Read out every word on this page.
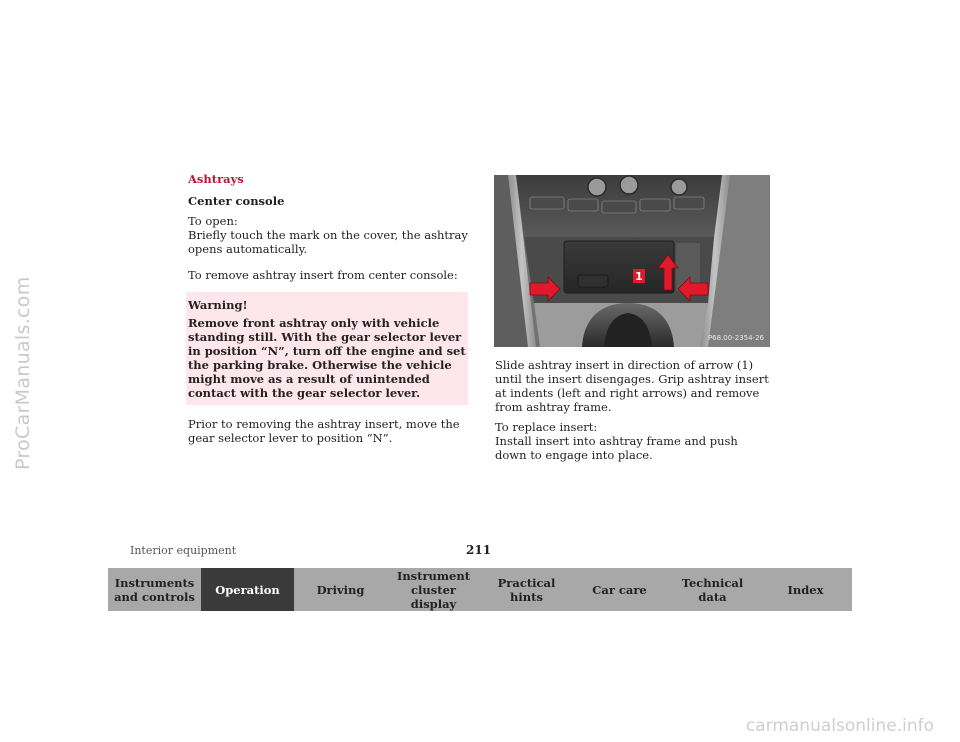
ProCarManuals.com
carmanualsonline.info
Ashtrays
Center console

To open:
Briefly touch the mark on the cover, the ashtray opens automatically.

To remove ashtray insert from center console:

Warning!
Remove front ashtray only with vehicle standing still. With the gear selector lever in position “N”, turn off the engine and set the parking brake. Otherwise the vehicle might move as a result of unintended contact with the gear selector lever.

Prior to removing the ashtray insert, move the gear selector lever to position “N”.

1
P68.00-2354-26

Slide ashtray insert in direction of arrow (1) until the insert disengages. Grip ashtray insert at indents (left and right arrows) and remove from ashtray frame.

To replace insert:
Install insert into ashtray frame and push down to engage into place.

Interior equipment	211
Instruments and controls	Operation	Driving
Instrument cluster display
Practical hints	Car care	Technical data	Index
